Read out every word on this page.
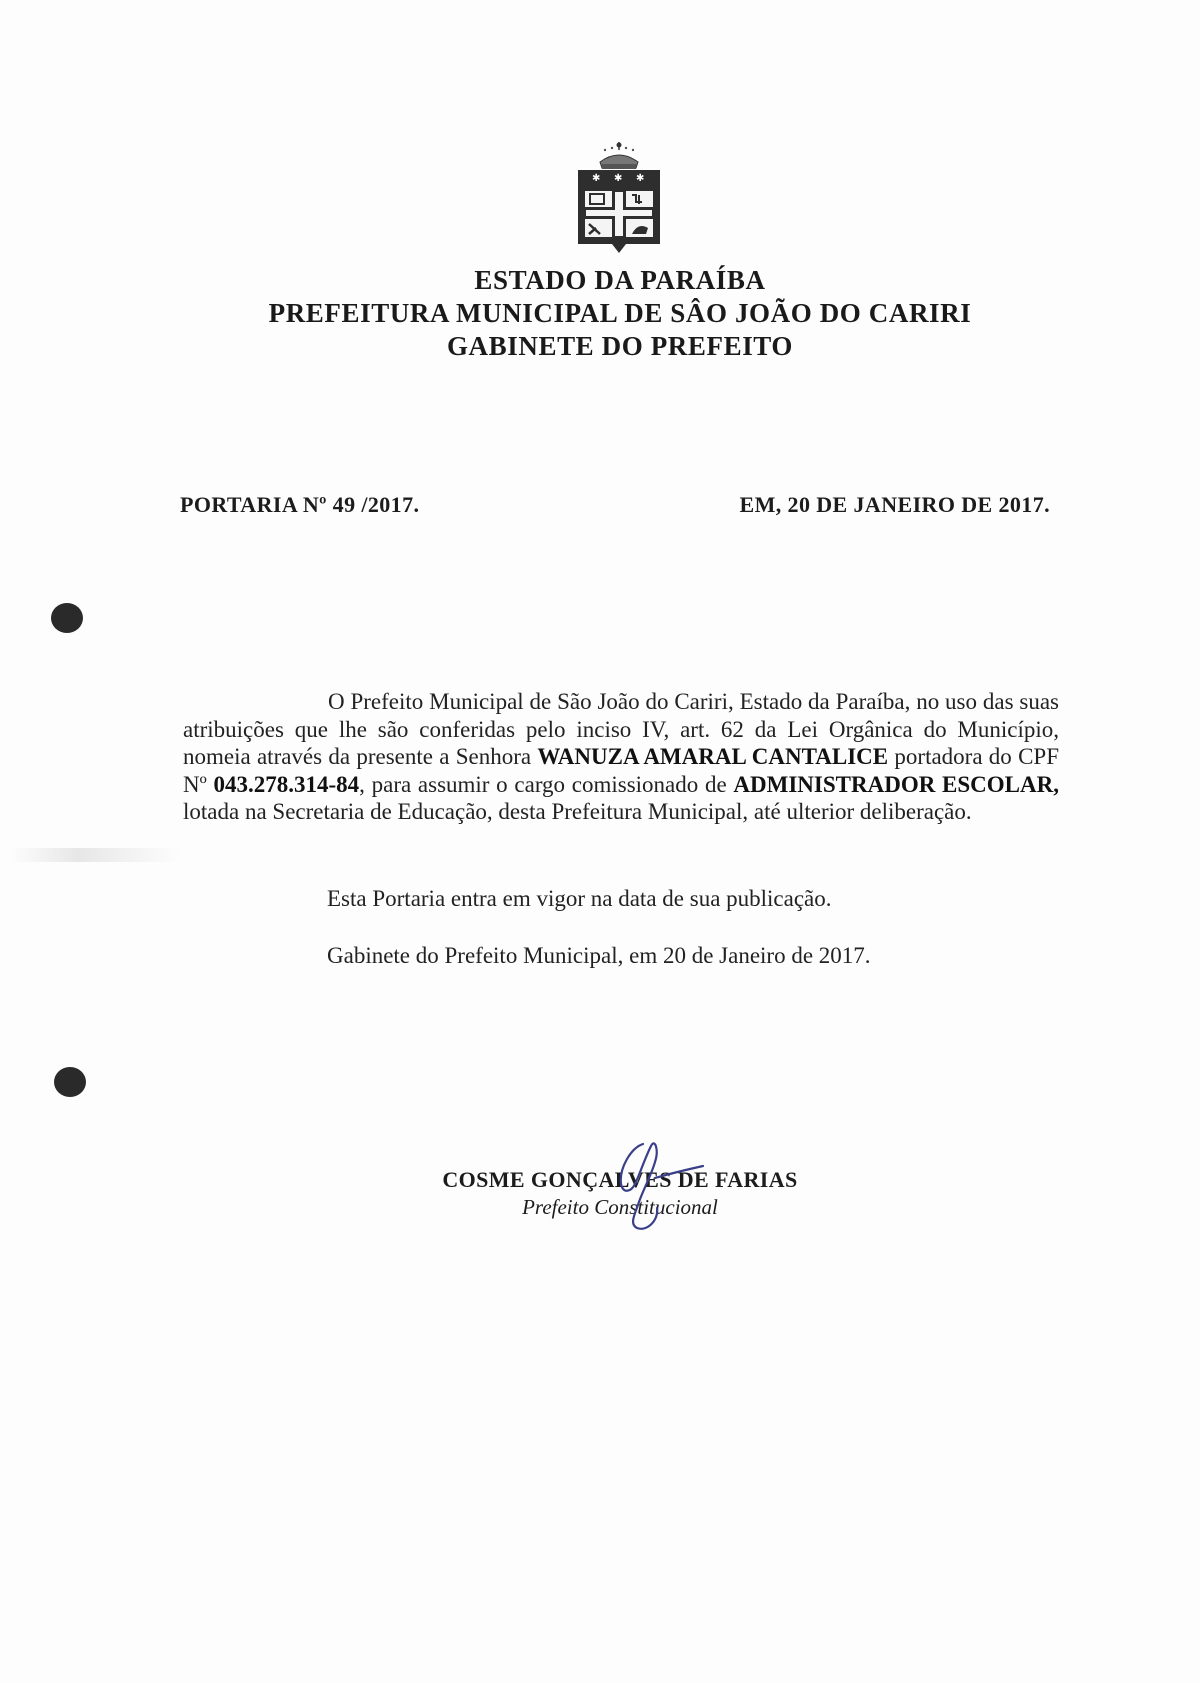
✱ ✱ ✱
ESTADO DA PARAÍBA
PREFEITURA MUNICIPAL DE SÂO JOÃO DO CARIRI
GABINETE DO PREFEITO
PORTARIA Nº 49 /2017.	EM, 20 DE JANEIRO DE 2017.
O Prefeito Municipal de São João do Cariri, Estado da Paraíba, no uso das suas atribuições que lhe são conferidas pelo inciso IV, art. 62 da Lei Orgânica do Município, nomeia através da presente a Senhora WANUZA AMARAL CANTALICE portadora do CPF Nº 043.278.314-84, para assumir o cargo comissionado de ADMINISTRADOR ESCOLAR, lotada na Secretaria de Educação, desta Prefeitura Municipal, até ulterior deliberação.
Esta Portaria entra em vigor na data de sua publicação.
Gabinete do Prefeito Municipal, em 20 de Janeiro de 2017.
COSME GONÇALVES DE FARIAS
Prefeito Constitucional
